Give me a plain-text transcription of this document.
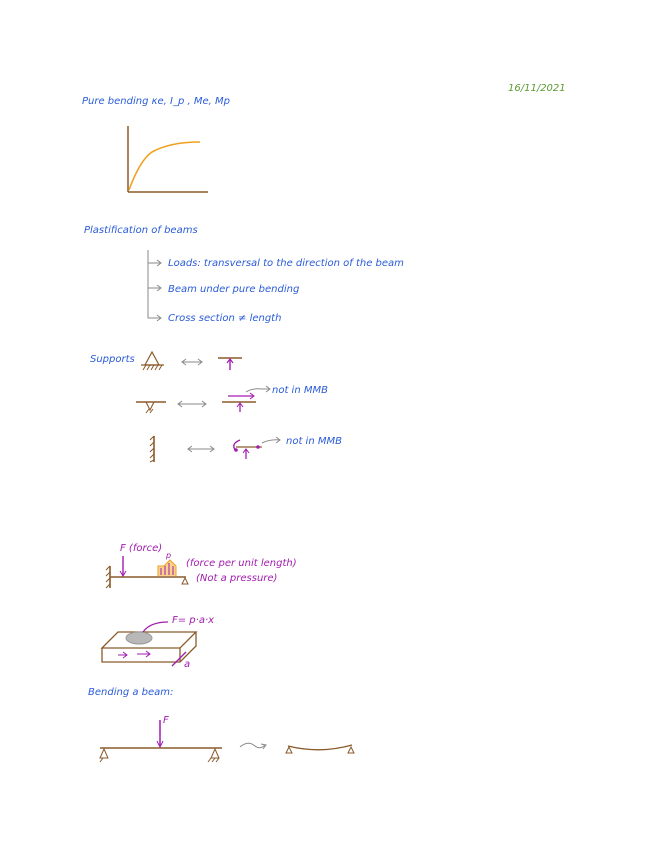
16/11/2021
Pure bending κe, I_p , Me, Mp
Plastification of beams
Loads: transversal to the direction of the beam
Beam under pure bending
Cross section ≠ length
Supports
not in MMB
not in MMB
F (force)
p
(force per unit length)
(Not a pressure)
F= p·a·x
a
Bending a beam:
F
